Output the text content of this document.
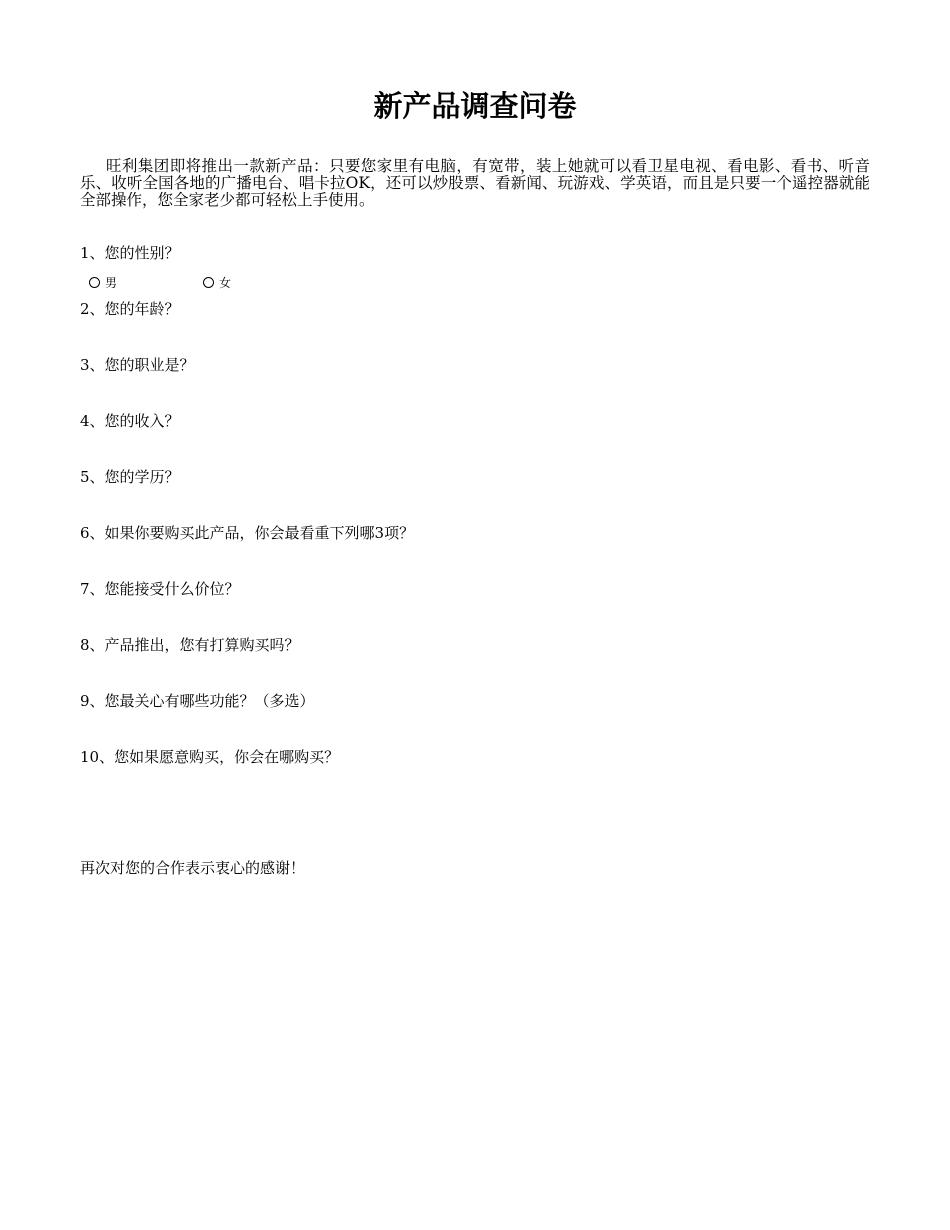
新产品调查问卷

旺利集团即将推出一款新产品：只要您家里有电脑，有宽带，装上她就可以看卫星电视、看电影、看书、听音乐、收听全国各地的广播电台、唱卡拉OK，还可以炒股票、看新闻、玩游戏、学英语，而且是只要一个遥控器就能全部操作，您全家老少都可轻松上手使用。

1、您的性别？
男	女
2、您的年龄？
3、您的职业是？
4、您的收入？
5、您的学历？
6、如果你要购买此产品，你会最看重下列哪3项？
7、您能接受什么价位？
8、产品推出，您有打算购买吗？
9、您最关心有哪些功能？（多选）
10、您如果愿意购买，你会在哪购买？
再次对您的合作表示衷心的感谢！
